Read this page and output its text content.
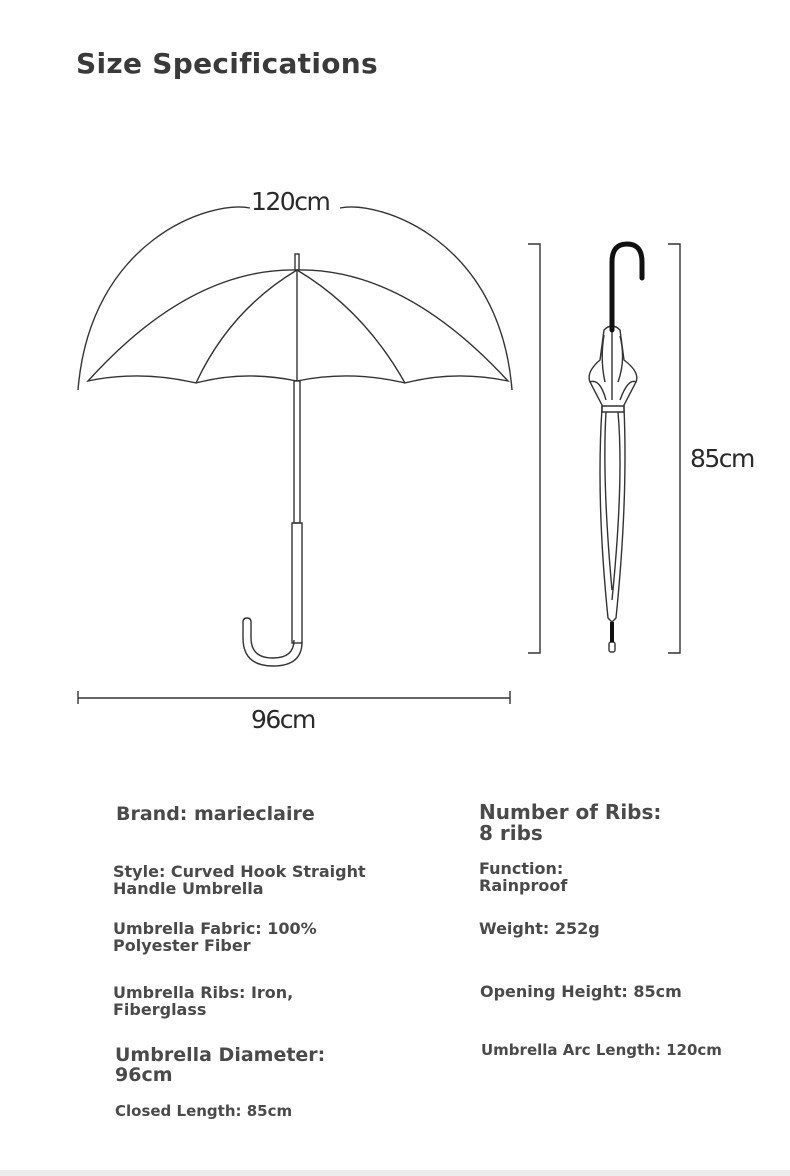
Size Specifications
120cm
96cm
85cm
Brand: marieclaire
Style: Curved Hook Straight
Handle Umbrella
Umbrella Fabric: 100%
Polyester Fiber
Umbrella Ribs: Iron,
Fiberglass
Umbrella Diameter:
96cm
Closed Length: 85cm
Number of Ribs:
8 ribs
Function:
Rainproof
Weight: 252g
Opening Height: 85cm
Umbrella Arc Length: 120cm
